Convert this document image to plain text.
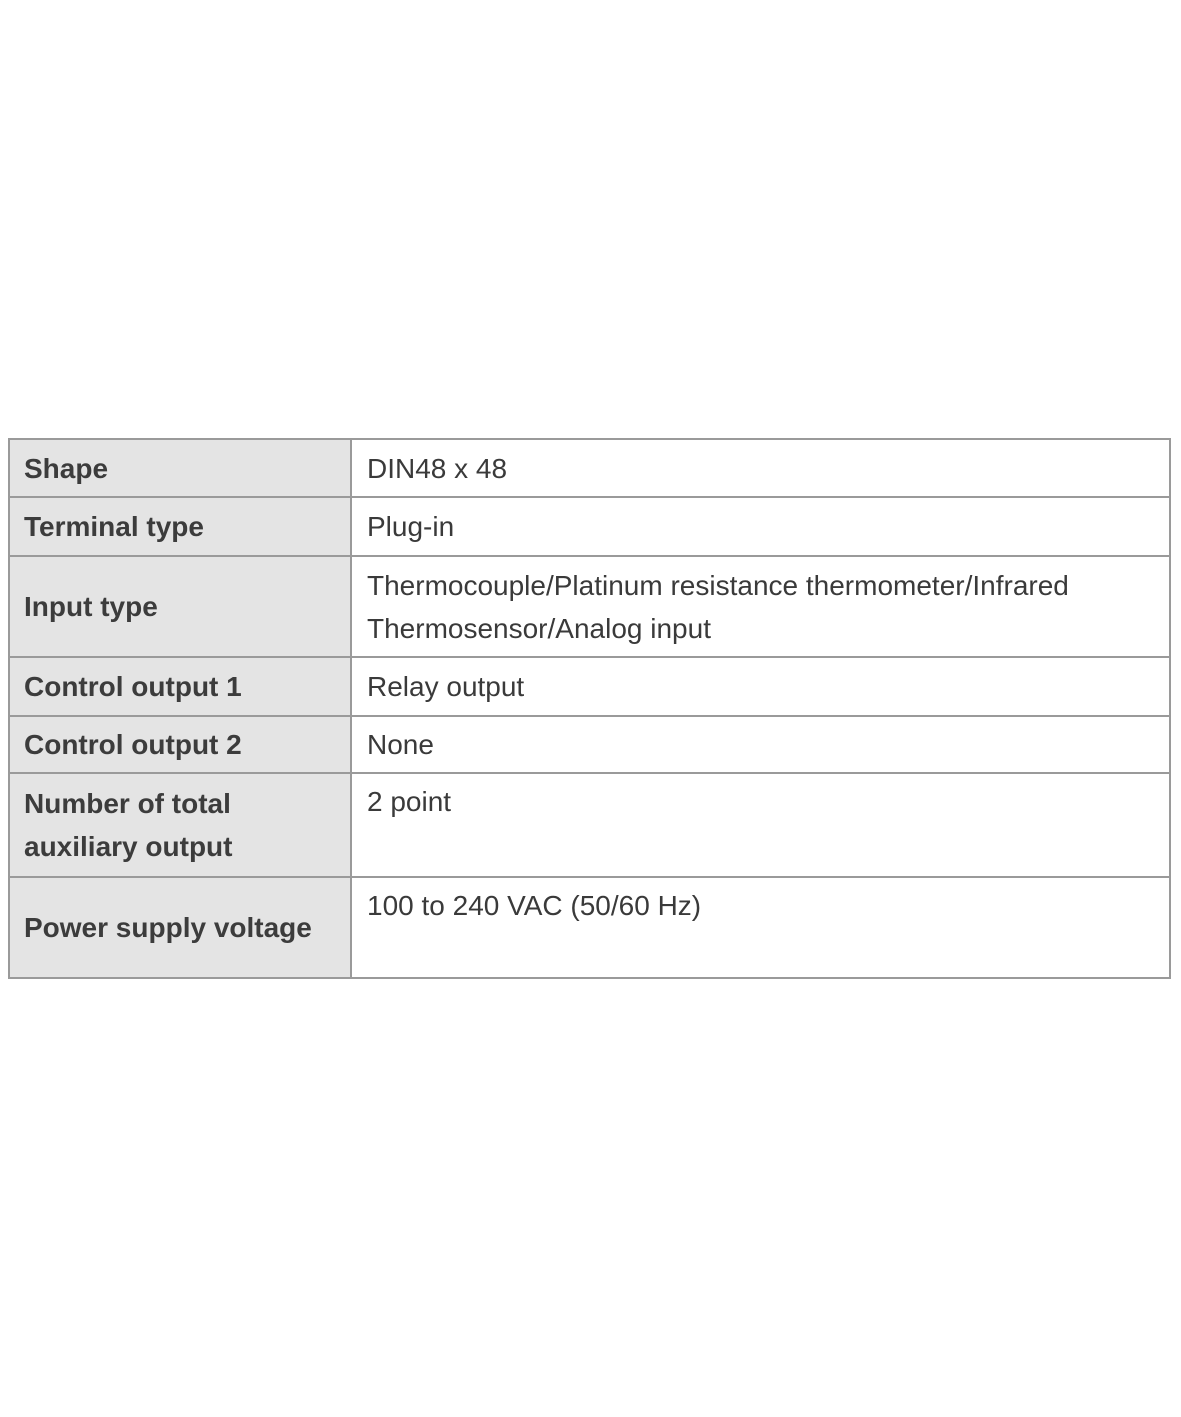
Shape	DIN48 x 48
Terminal type	Plug-in
Input type	Thermocouple/Platinum resistance thermometer/Infrared Thermosensor/Analog input
Control output 1	Relay output
Control output 2	None
Number of total auxiliary output	2 point
Power supply voltage	100 to 240 VAC (50/60 Hz)
